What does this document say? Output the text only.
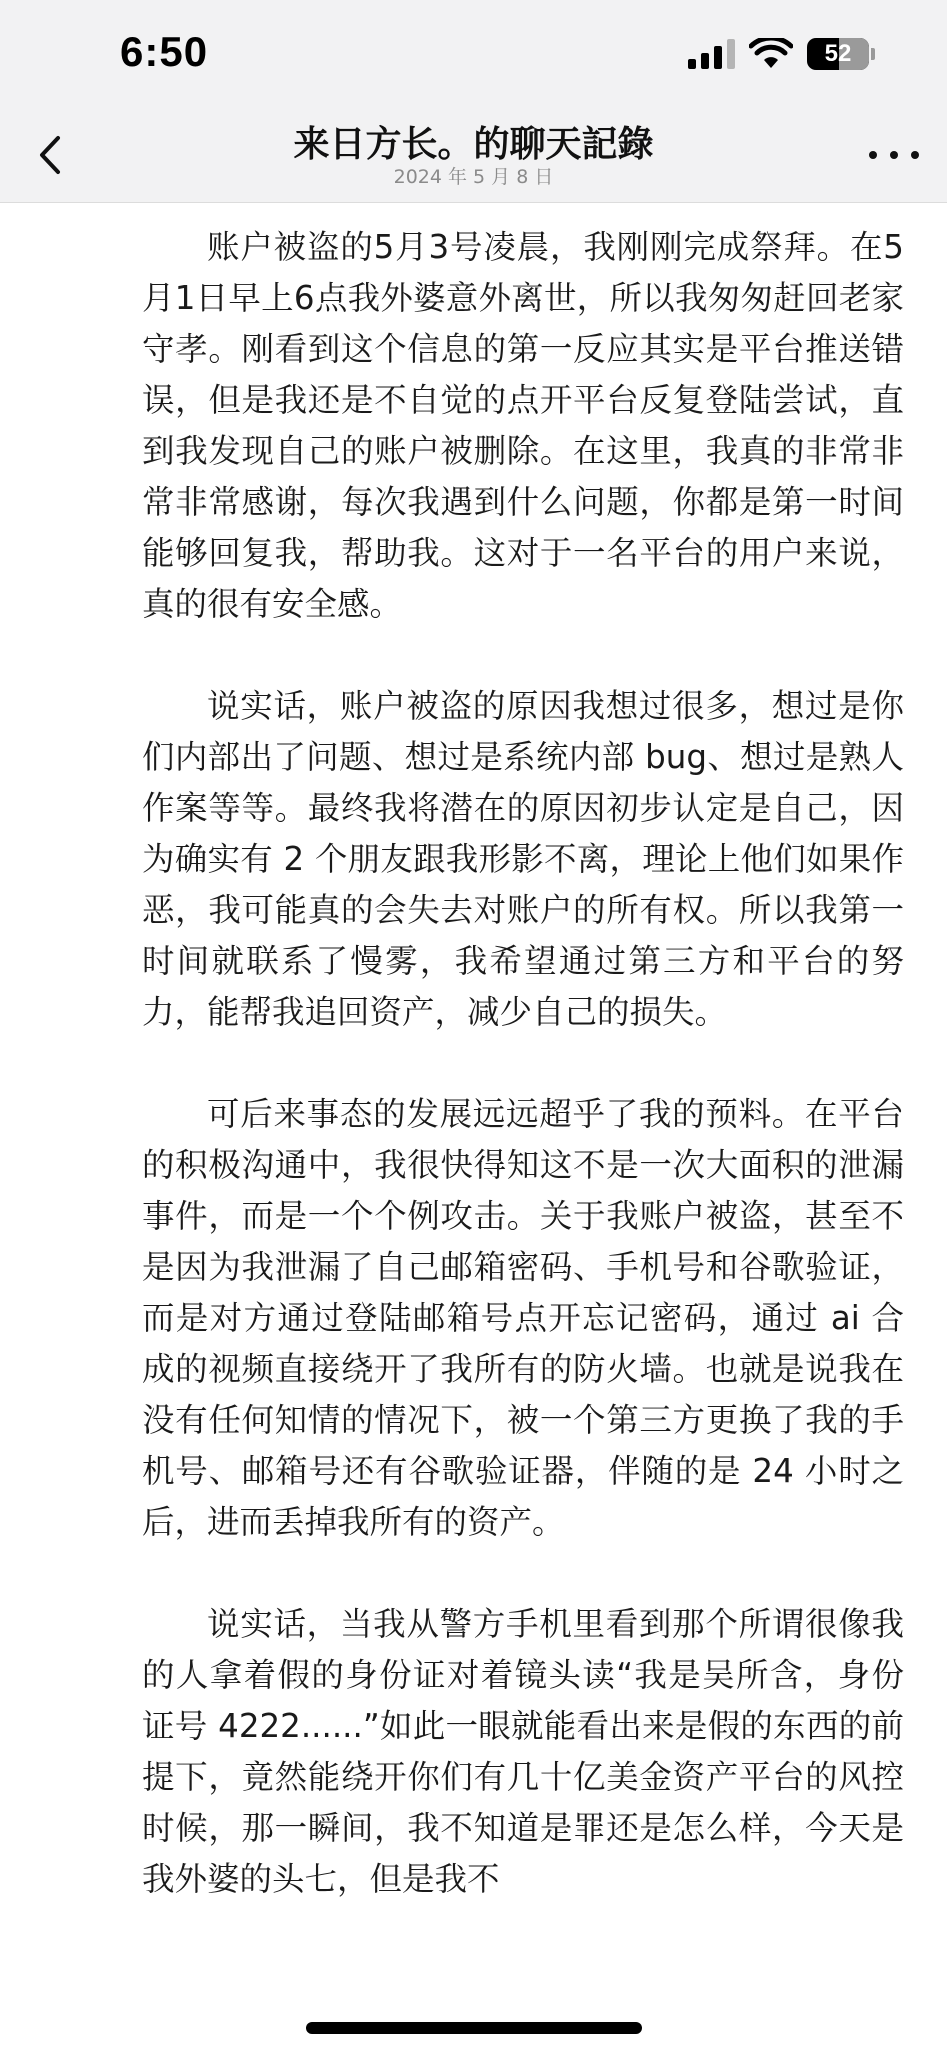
6:50	52
来日方长。的聊天記錄
2024 年 5 月 8 日

账户被盗的5月3号凌晨，我刚刚完成祭拜。在5月1日早上6点我外婆意外离世，所以我匆匆赶回老家守孝。刚看到这个信息的第一反应其实是平台推送错误，但是我还是不自觉的点开平台反复登陆尝试，直到我发现自己的账户被删除。在这里，我真的非常非常非常感谢，每次我遇到什么问题，你都是第一时间能够回复我，帮助我。这对于一名平台的用户来说，真的很有安全感。

说实话，账户被盗的原因我想过很多，想过是你们内部出了问题、想过是系统内部 bug、想过是熟人作案等等。最终我将潜在的原因初步认定是自己，因为确实有 2 个朋友跟我形影不离，理论上他们如果作恶，我可能真的会失去对账户的所有权。所以我第一时间就联系了慢雾，我希望通过第三方和平台的努力，能帮我追回资产，减少自己的损失。

可后来事态的发展远远超乎了我的预料。在平台的积极沟通中，我很快得知这不是一次大面积的泄漏事件，而是一个个例攻击。关于我账户被盗，甚至不是因为我泄漏了自己邮箱密码、手机号和谷歌验证，而是对方通过登陆邮箱号点开忘记密码，通过 ai 合成的视频直接绕开了我所有的防火墙。也就是说我在没有任何知情的情况下，被一个第三方更换了我的手机号、邮箱号还有谷歌验证器，伴随的是 24 小时之后，进而丢掉我所有的资产。

说实话，当我从警方手机里看到那个所谓很像我的人拿着假的身份证对着镜头读“我是吴所含，身份证号 4222......”如此一眼就能看出来是假的东西的前提下，竟然能绕开你们有几十亿美金资产平台的风控时候，那一瞬间，我不知道是罪还是怎么样，今天是我外婆的头七，但是我不
